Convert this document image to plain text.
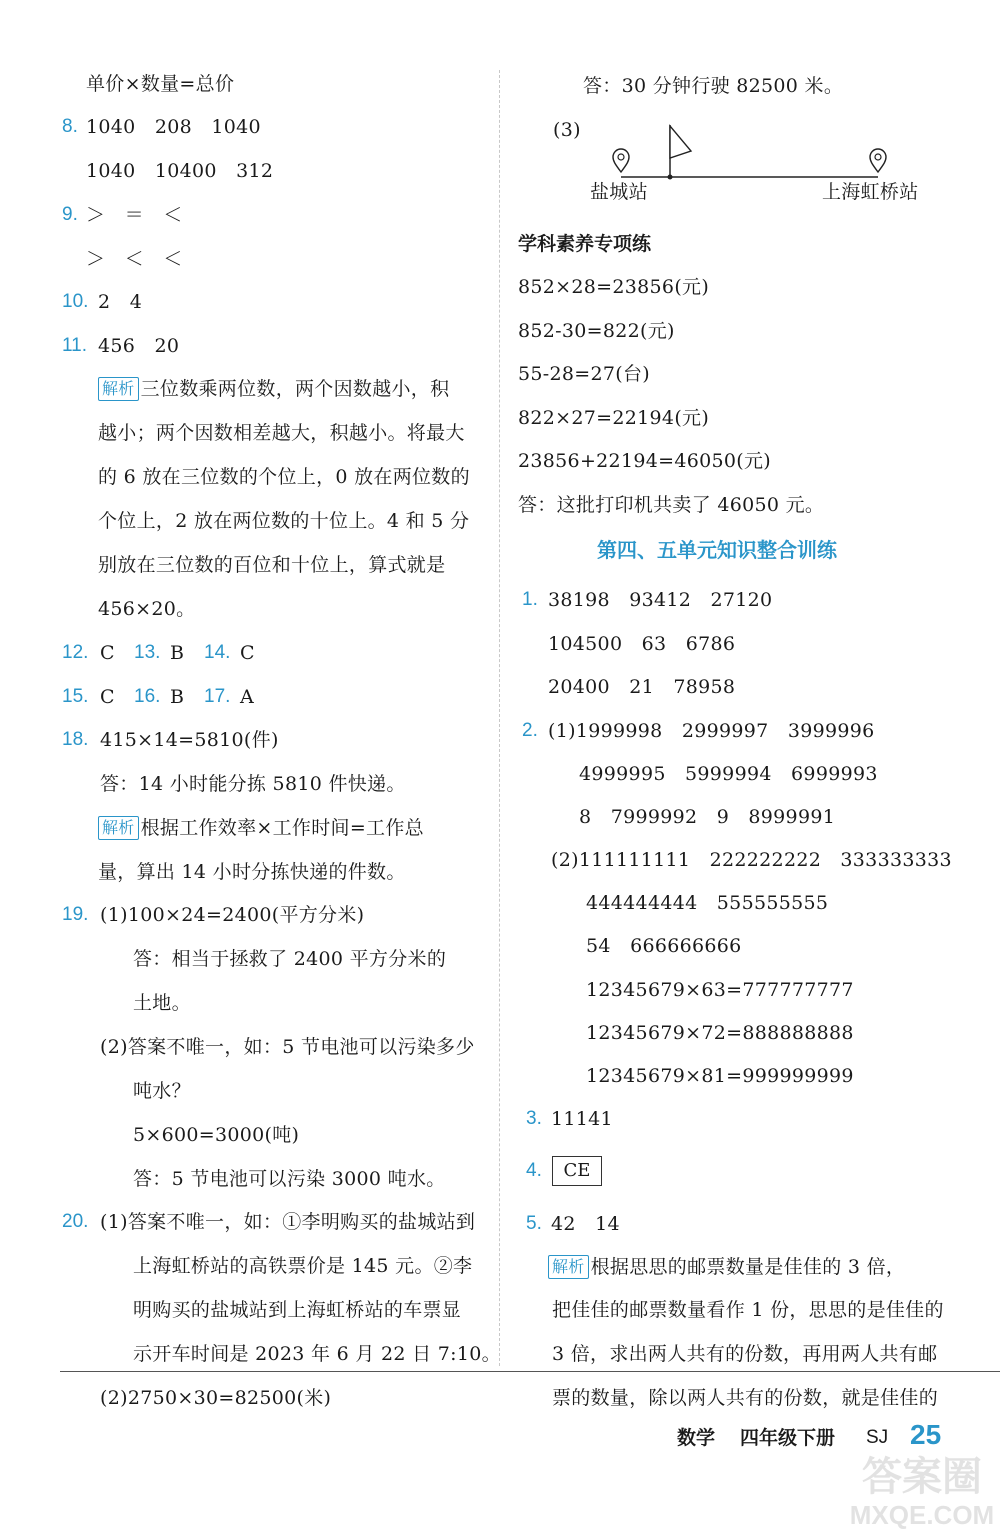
单价×数量=总价
8. 1040　208　1040
1040　10400　312
9. ＞　＝　＜
＞　＜　＜
10. 2　4
11. 456　20
解析 三位数乘两位数，两个因数越小，积
越小；两个因数相差越大，积越小。将最大
的 6 放在三位数的个位上，0 放在两位数的
个位上，2 放在两位数的十位上。4 和 5 分
别放在三位数的百位和十位上，算式就是
456×20。
12. C 13. B 14. C
15. C 16. B 17. A
18. 415×14=5810(件)
答：14 小时能分拣 5810 件快递。
解析 根据工作效率×工作时间=工作总
量，算出 14 小时分拣快递的件数。
19. (1)100×24=2400(平方分米)
答：相当于拯救了 2400 平方分米的
土地。
(2)答案不唯一，如：5 节电池可以污染多少
吨水？
5×600=3000(吨)
答：5 节电池可以污染 3000 吨水。
20. (1)答案不唯一，如：①李明购买的盐城站到
上海虹桥站的高铁票价是 145 元。②李
明购买的盐城站到上海虹桥站的车票显
示开车时间是 2023 年 6 月 22 日 7:10。
(2)2750×30=82500(米)
答：30 分钟行驶 82500 米。
(3)
盐城站	上海虹桥站
学科素养专项练
852×28=23856(元)
852-30=822(元)
55-28=27(台)
822×27=22194(元)
23856+22194=46050(元)
答：这批打印机共卖了 46050 元。
第四、五单元知识整合训练
1. 38198　93412　27120
104500　63　6786
20400　21　78958
2. (1)1999998　2999997　3999996
4999995　5999994　6999993
8　7999992　9　8999991
(2)111111111　222222222　333333333
444444444　555555555
54　666666666
12345679×63=777777777
12345679×72=888888888
12345679×81=999999999
3. 11141
4.	CE
5. 42　14
解析 根据思思的邮票数量是佳佳的 3 倍，
把佳佳的邮票数量看作 1 份，思思的是佳佳的
3 倍，求出两人共有的份数，再用两人共有邮
票的数量，除以两人共有的份数，就是佳佳的
数学 四年级下册 SJ 25
答案圈
MXQE.COM
